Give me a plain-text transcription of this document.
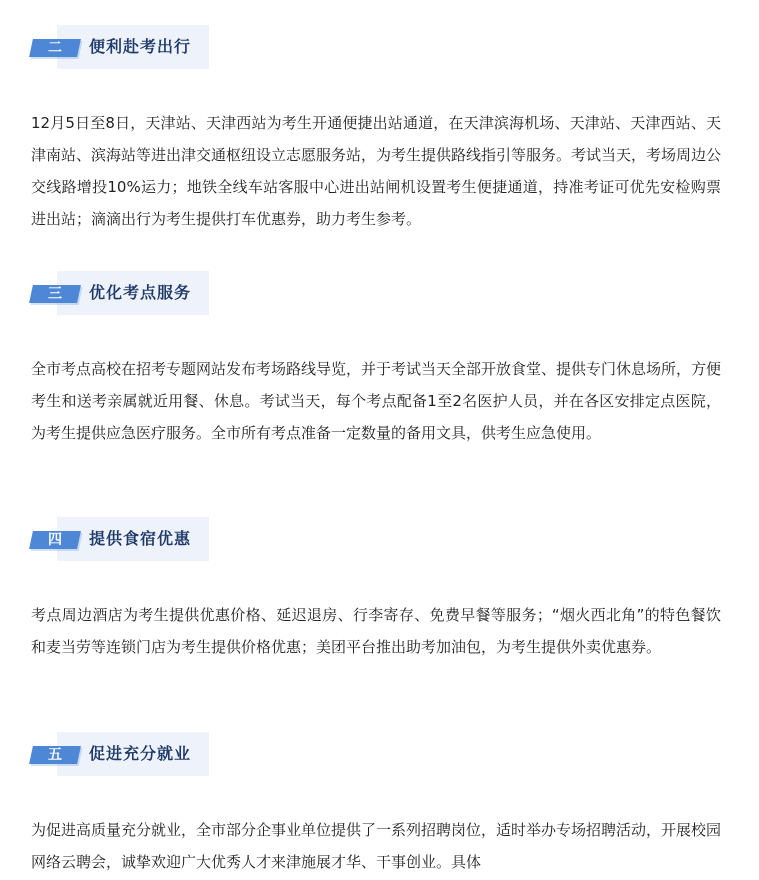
二	便利赴考出行

12月5日至8日，天津站、天津西站为考生开通便捷出站通道，在天津滨海机场、天津站、天津西站、天津南站、滨海站等进出津交通枢纽设立志愿服务站，为考生提供路线指引等服务。考试当天，考场周边公交线路增投10%运力；地铁全线车站客服中心进出站闸机设置考生便捷通道，持准考证可优先安检购票进出站；滴滴出行为考生提供打车优惠券，助力考生参考。

三	优化考点服务

全市考点高校在招考专题网站发布考场路线导览，并于考试当天全部开放食堂、提供专门休息场所，方便考生和送考亲属就近用餐、休息。考试当天，每个考点配备1至2名医护人员，并在各区安排定点医院，为考生提供应急医疗服务。全市所有考点准备一定数量的备用文具，供考生应急使用。

四	提供食宿优惠

考点周边酒店为考生提供优惠价格、延迟退房、行李寄存、免费早餐等服务；“烟火西北角”的特色餐饮和麦当劳等连锁门店为考生提供价格优惠；美团平台推出助考加油包，为考生提供外卖优惠券。

五	促进充分就业

为促进高质量充分就业，全市部分企事业单位提供了一系列招聘岗位，适时举办专场招聘活动，开展校园网络云聘会，诚挚欢迎广大优秀人才来津施展才华、干事创业。具体
